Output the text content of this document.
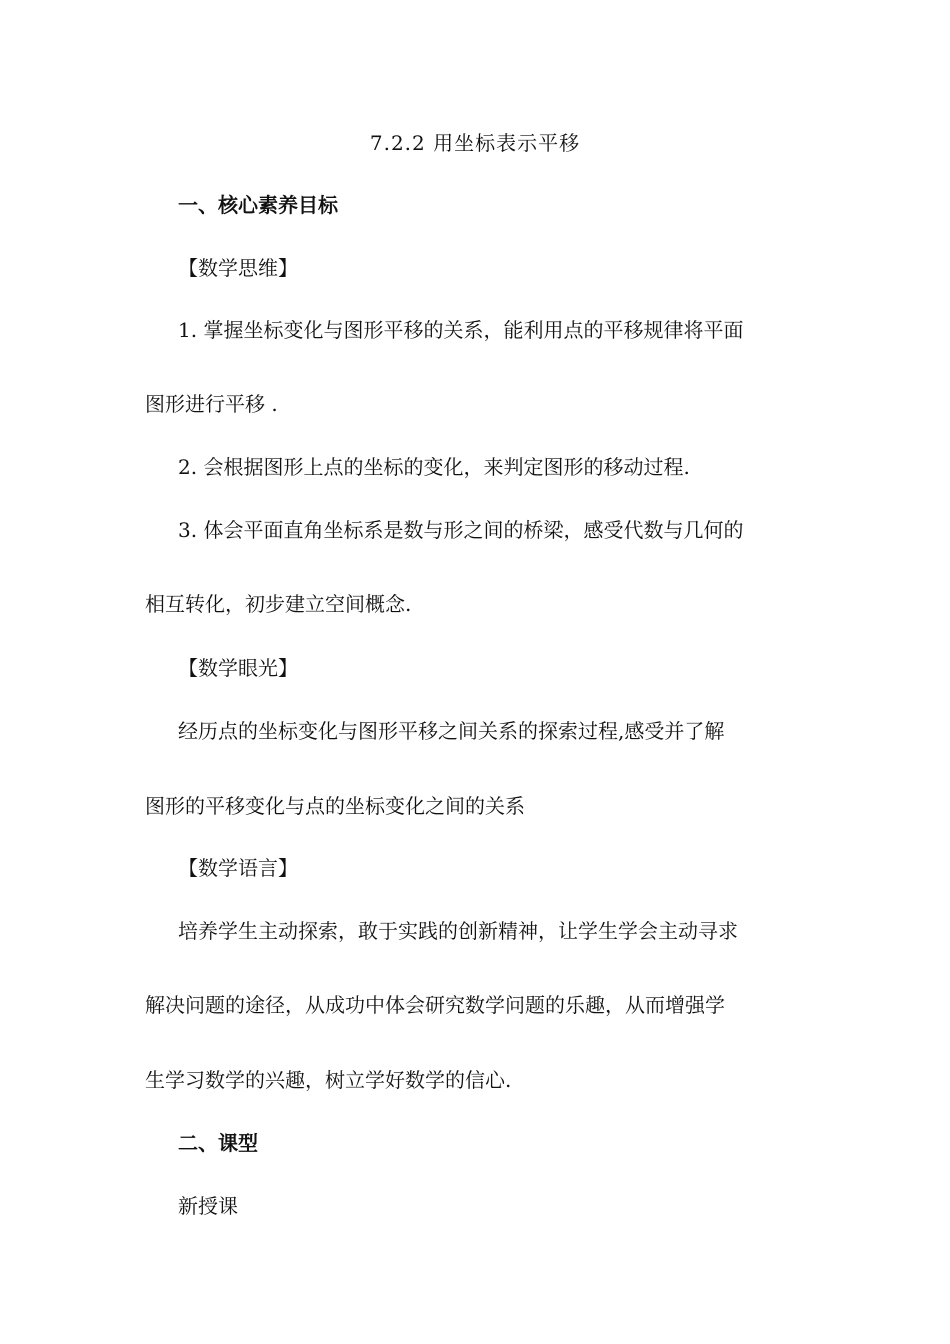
7.2.2 用坐标表示平移
一、核心素养目标
【数学思维】
1. 掌握坐标变化与图形平移的关系，能利用点的平移规律将平面
图形进行平移 .
2. 会根据图形上点的坐标的变化，来判定图形的移动过程.
3. 体会平面直角坐标系是数与形之间的桥梁，感受代数与几何的
相互转化，初步建立空间概念.
【数学眼光】
经历点的坐标变化与图形平移之间关系的探索过程,感受并了解
图形的平移变化与点的坐标变化之间的关系
【数学语言】
培养学生主动探索，敢于实践的创新精神，让学生学会主动寻求
解决问题的途径，从成功中体会研究数学问题的乐趣，从而增强学
生学习数学的兴趣，树立学好数学的信心.
二、课型
新授课
